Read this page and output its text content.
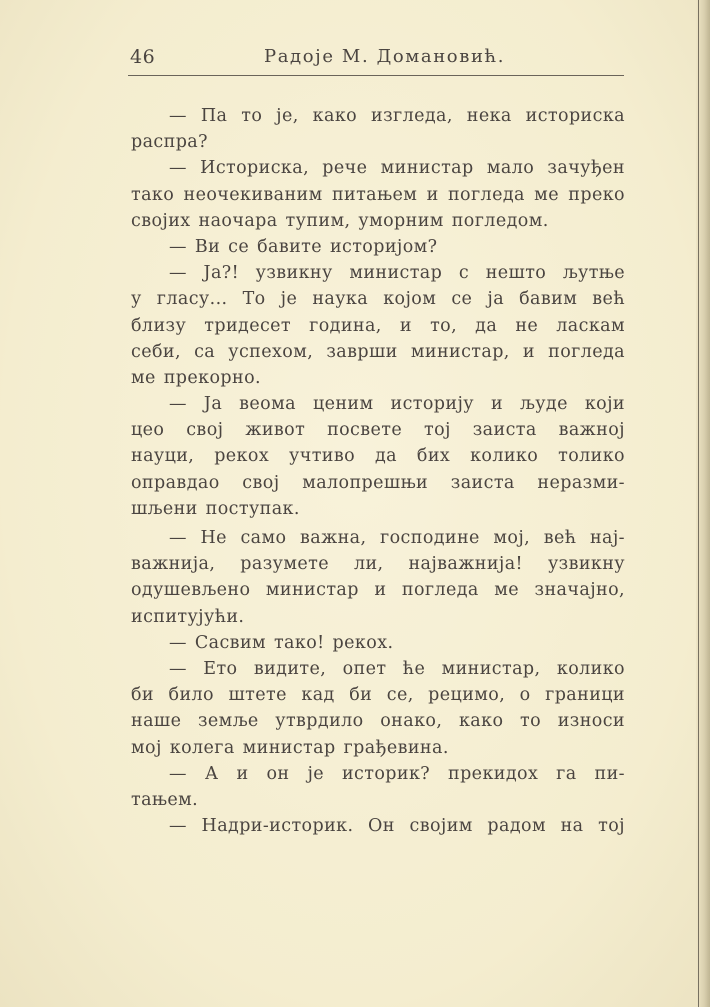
46	Радоје М. Домановић.
— Па то је, како изгледа, нека историска
распра?
— Историска, рече министар мало зачуђен
тако неочекиваним питањем и погледа ме преко
својих наочара тупим, уморним погледом.
— Ви се бавите историјом?
— Ја?! узвикну министар с нешто љутње
у гласу... То је наука којом се ја бавим већ
близу тридесет година, и то, да не ласкам
себи, са успехом, заврши министар, и погледа
ме прекорно.
— Ја веома ценим историју и људе који
цео свој живот посвете тој заиста важној
науци, рекох учтиво да бих колико толико
оправдао свој малопрешњи заиста неразми-
шљени поступак.
— Не само важна, господине мој, већ нај-
важнија, разумете ли, најважнија! узвикну
одушевљено министар и погледа ме значајно,
испитујући.
— Сасвим тако! рекох.
— Ето видите, опет ће министар, колико
би било штете кад би се, рецимо, о граници
наше земље утврдило онако, како то износи
мој колега министар грађевина.
— А и он је историк? прекидох га пи-
тањем.
— Надри-историк. Он својим радом на тој
